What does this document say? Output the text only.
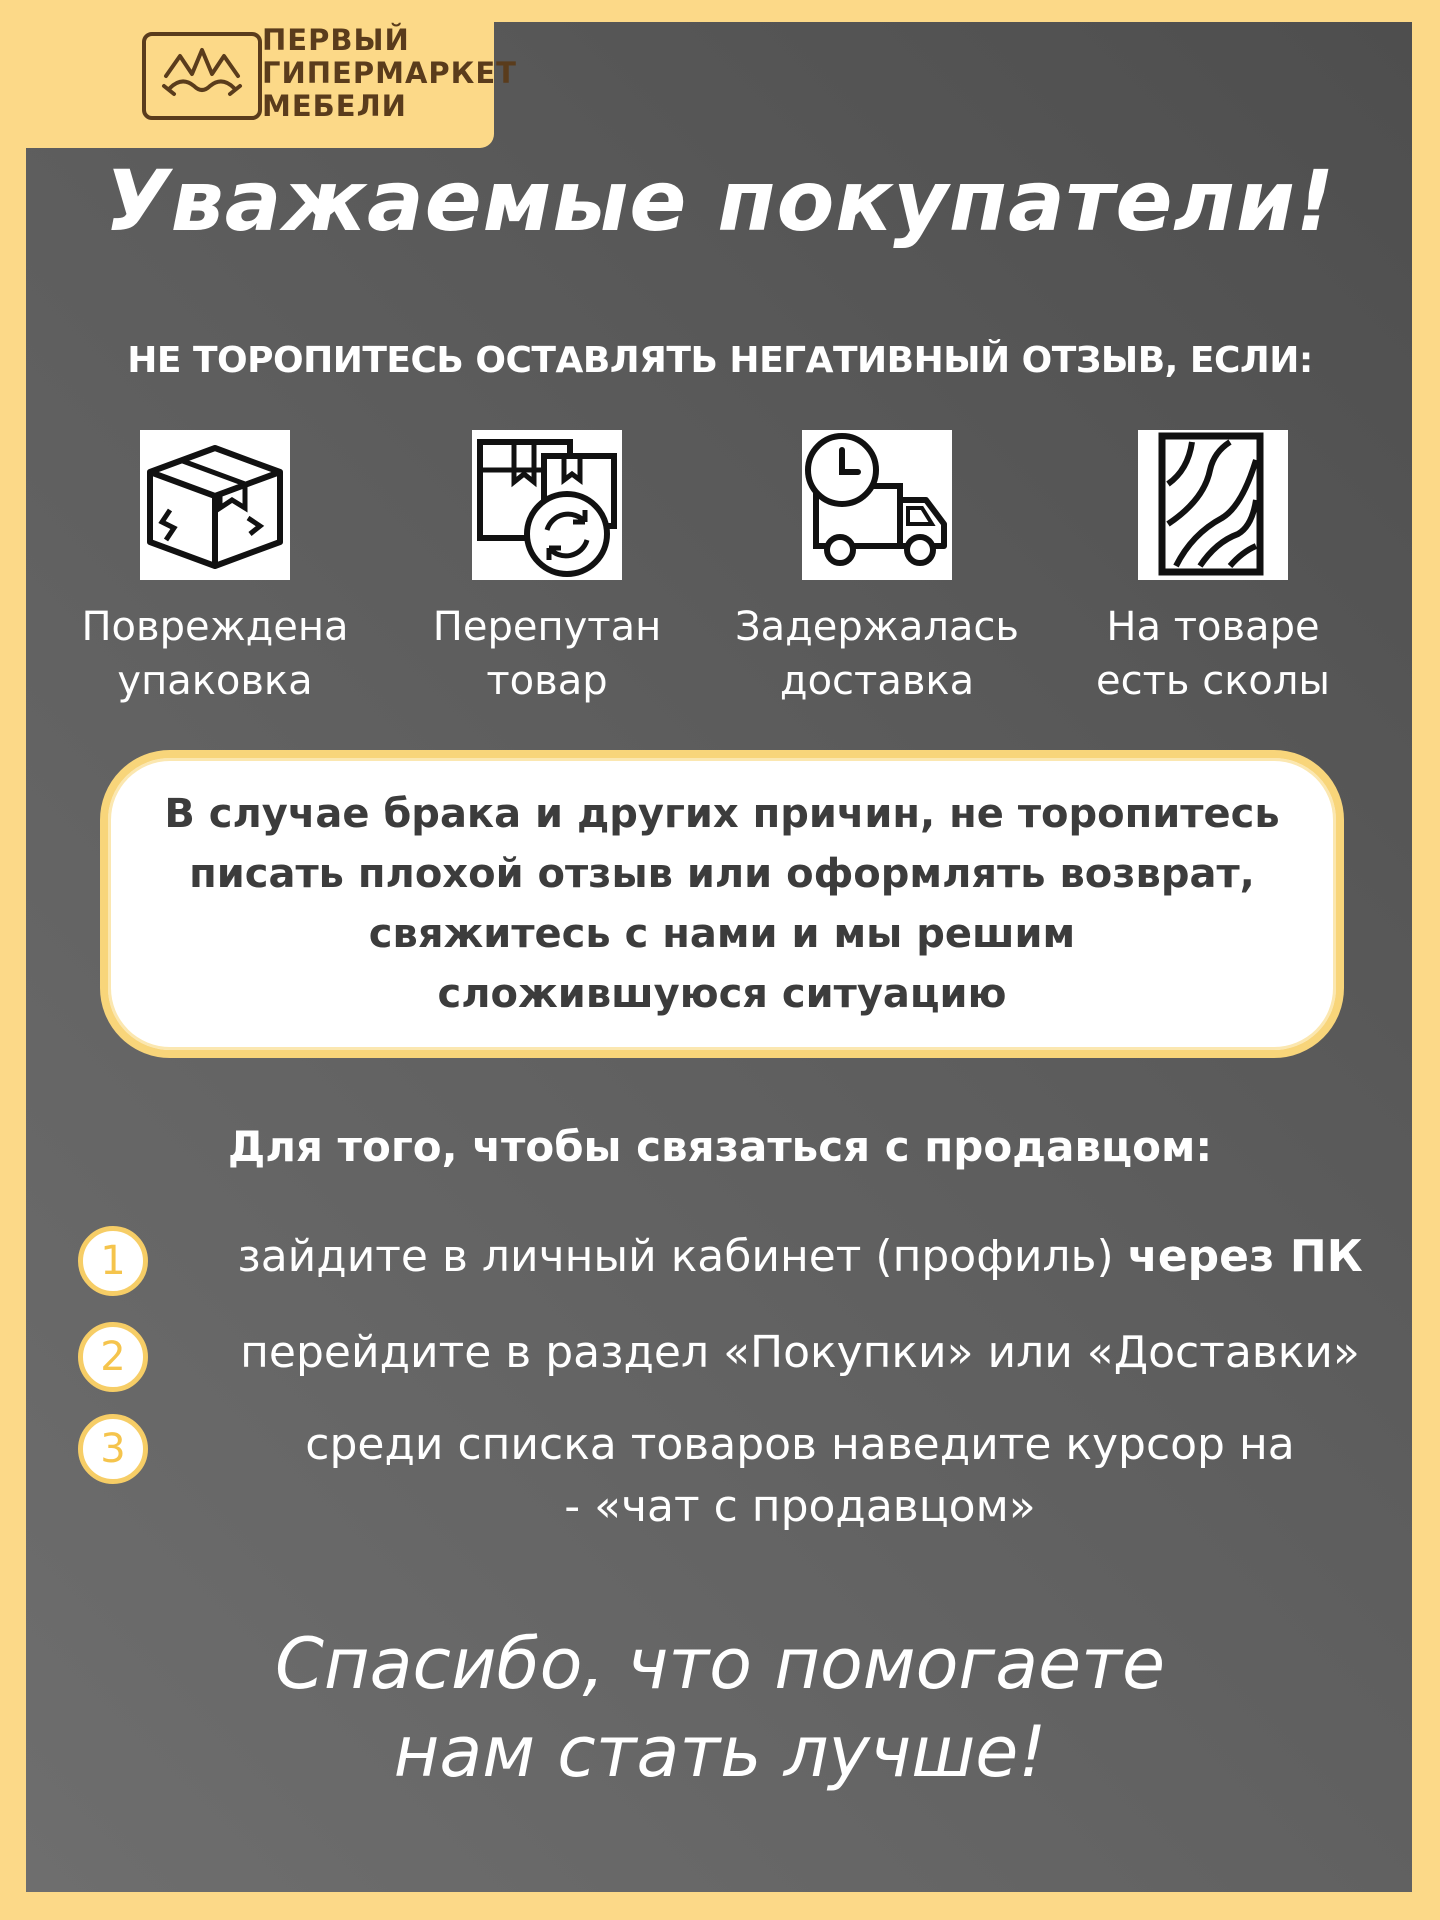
ПЕРВЫЙ
ГИПЕРМАРКЕТ
МЕБЕЛИ
Уважаемые покупатели!
НЕ ТОРОПИТЕСЬ ОСТАВЛЯТЬ НЕГАТИВНЫЙ ОТЗЫВ, ЕСЛИ:
Повреждена
упаковка
Перепутан
товар
Задержалась
доставка
На товаре
есть сколы
В случае брака и других причин, не торопитесь
писать плохой отзыв или оформлять возврат,
свяжитесь с нами и мы решим
сложившуюся ситуацию
Для того, чтобы связаться с продавцом:
1	зайдите в личный кабинет (профиль) через ПК
2	перейдите в раздел «Покупки» или «Доставки»
3	среди списка товаров наведите курсор на
- «чат с продавцом»
Спасибо, что помогаете
нам стать лучше!
